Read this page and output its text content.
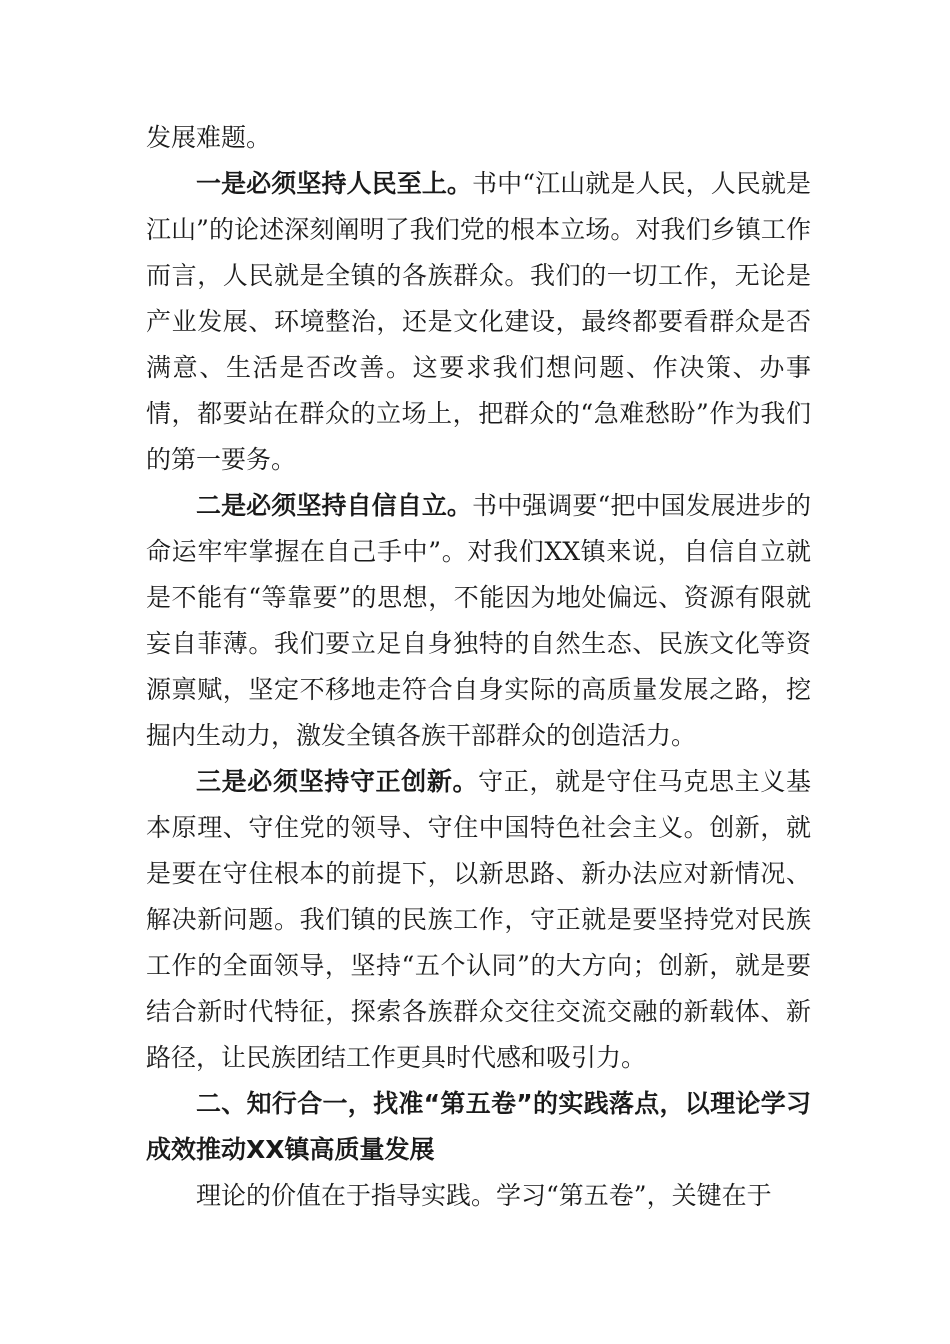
发展难题。

一是必须坚持人民至上。书中“江山就是人民，人民就是江山”的论述深刻阐明了我们党的根本立场。对我们乡镇工作而言，人民就是全镇的各族群众。我们的一切工作，无论是产业发展、环境整治，还是文化建设，最终都要看群众是否满意、生活是否改善。这要求我们想问题、作决策、办事情，都要站在群众的立场上，把群众的“急难愁盼”作为我们的第一要务。

二是必须坚持自信自立。书中强调要“把中国发展进步的命运牢牢掌握在自己手中”。对我们XX镇来说，自信自立就是不能有“等靠要”的思想，不能因为地处偏远、资源有限就妄自菲薄。我们要立足自身独特的自然生态、民族文化等资源禀赋，坚定不移地走符合自身实际的高质量发展之路，挖掘内生动力，激发全镇各族干部群众的创造活力。

三是必须坚持守正创新。守正，就是守住马克思主义基本原理、守住党的领导、守住中国特色社会主义。创新，就是要在守住根本的前提下，以新思路、新办法应对新情况、解决新问题。我们镇的民族工作，守正就是要坚持党对民族工作的全面领导，坚持“五个认同”的大方向；创新，就是要结合新时代特征，探索各族群众交往交流交融的新载体、新路径，让民族团结工作更具时代感和吸引力。

二、知行合一，找准“第五卷”的实践落点，以理论学习成效推动XX镇高质量发展

理论的价值在于指导实践。学习“第五卷”，关键在于
